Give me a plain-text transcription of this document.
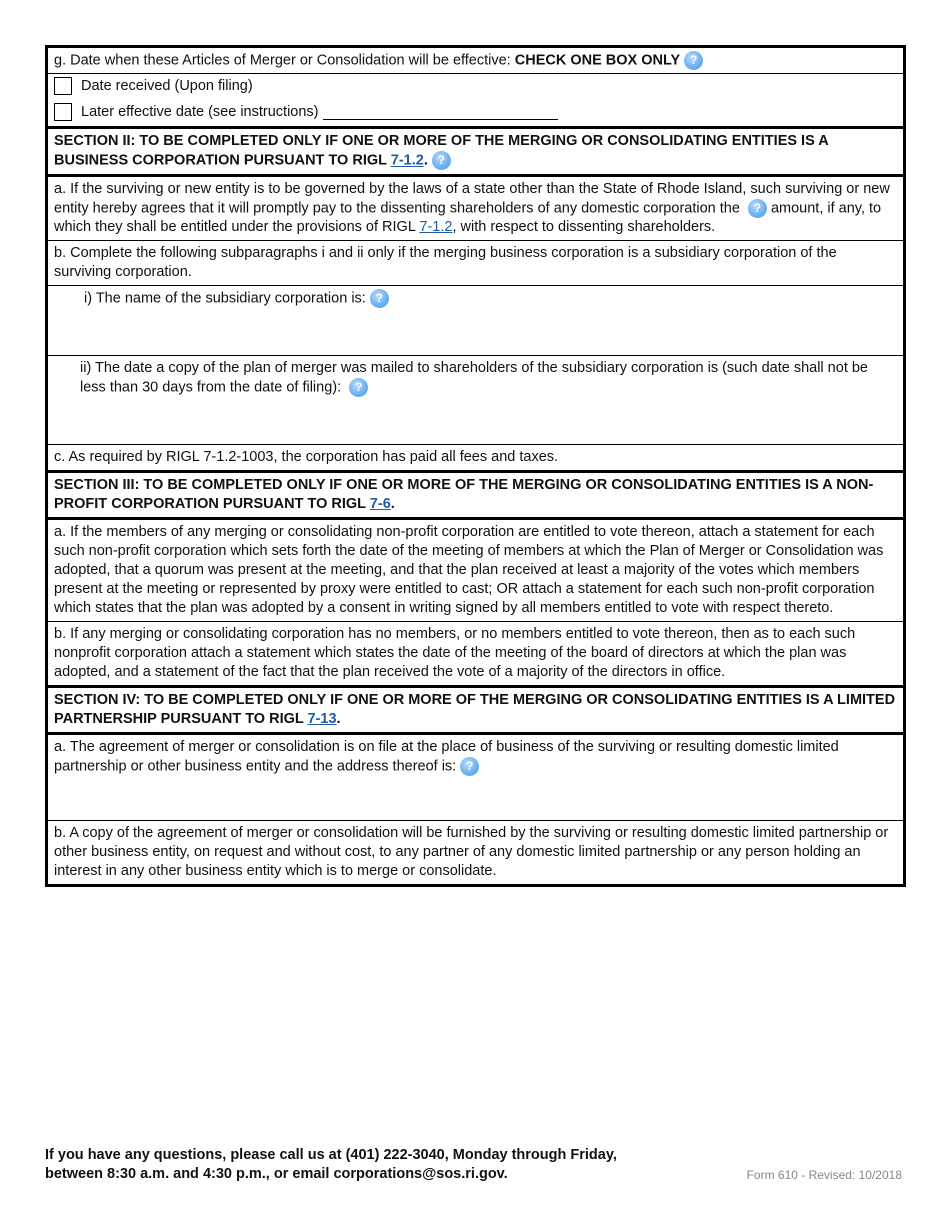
g. Date when these Articles of Merger or Consolidation will be effective: CHECK ONE BOX ONLY ?
Date received (Upon filing)
Later effective date (see instructions)
SECTION II: TO BE COMPLETED ONLY IF ONE OR MORE OF THE MERGING OR CONSOLIDATING ENTITIES IS A BUSINESS CORPORATION PURSUANT TO RIGL 7-1.2. ?
a. If the surviving or new entity is to be governed by the laws of a state other than the State of Rhode Island, such surviving or new entity hereby agrees that it will promptly pay to the dissenting shareholders of any domestic corporation the ? amount, if any, to which they shall be entitled under the provisions of RIGL 7-1.2, with respect to dissenting shareholders.
b. Complete the following subparagraphs i and ii only if the merging business corporation is a subsidiary corporation of the surviving corporation.
i) The name of the subsidiary corporation is: ?
ii) The date a copy of the plan of merger was mailed to shareholders of the subsidiary corporation is (such date shall not be less than 30 days from the date of filing): ?
c. As required by RIGL 7-1.2-1003, the corporation has paid all fees and taxes.
SECTION III: TO BE COMPLETED ONLY IF ONE OR MORE OF THE MERGING OR CONSOLIDATING ENTITIES IS A NON-PROFIT CORPORATION PURSUANT TO RIGL 7-6.
a. If the members of any merging or consolidating non-profit corporation are entitled to vote thereon, attach a statement for each such non-profit corporation which sets forth the date of the meeting of members at which the Plan of Merger or Consolidation was adopted, that a quorum was present at the meeting, and that the plan received at least a majority of the votes which members present at the meeting or represented by proxy were entitled to cast; OR attach a statement for each such non-profit corporation which states that the plan was adopted by a consent in writing signed by all members entitled to vote with respect thereto.
b. If any merging or consolidating corporation has no members, or no members entitled to vote thereon, then as to each such nonprofit corporation attach a statement which states the date of the meeting of the board of directors at which the plan was adopted, and a statement of the fact that the plan received the vote of a majority of the directors in office.
SECTION IV: TO BE COMPLETED ONLY IF ONE OR MORE OF THE MERGING OR CONSOLIDATING ENTITIES IS A LIMITED PARTNERSHIP PURSUANT TO RIGL 7-13.
a. The agreement of merger or consolidation is on file at the place of business of the surviving or resulting domestic limited partnership or other business entity and the address thereof is: ?
b. A copy of the agreement of merger or consolidation will be furnished by the surviving or resulting domestic limited partnership or other business entity, on request and without cost, to any partner of any domestic limited partnership or any person holding an interest in any other business entity which is to merge or consolidate.
If you have any questions, please call us at (401) 222-3040, Monday through Friday,
between 8:30 a.m. and 4:30 p.m., or email corporations@sos.ri.gov.	Form 610 - Revised: 10/2018
